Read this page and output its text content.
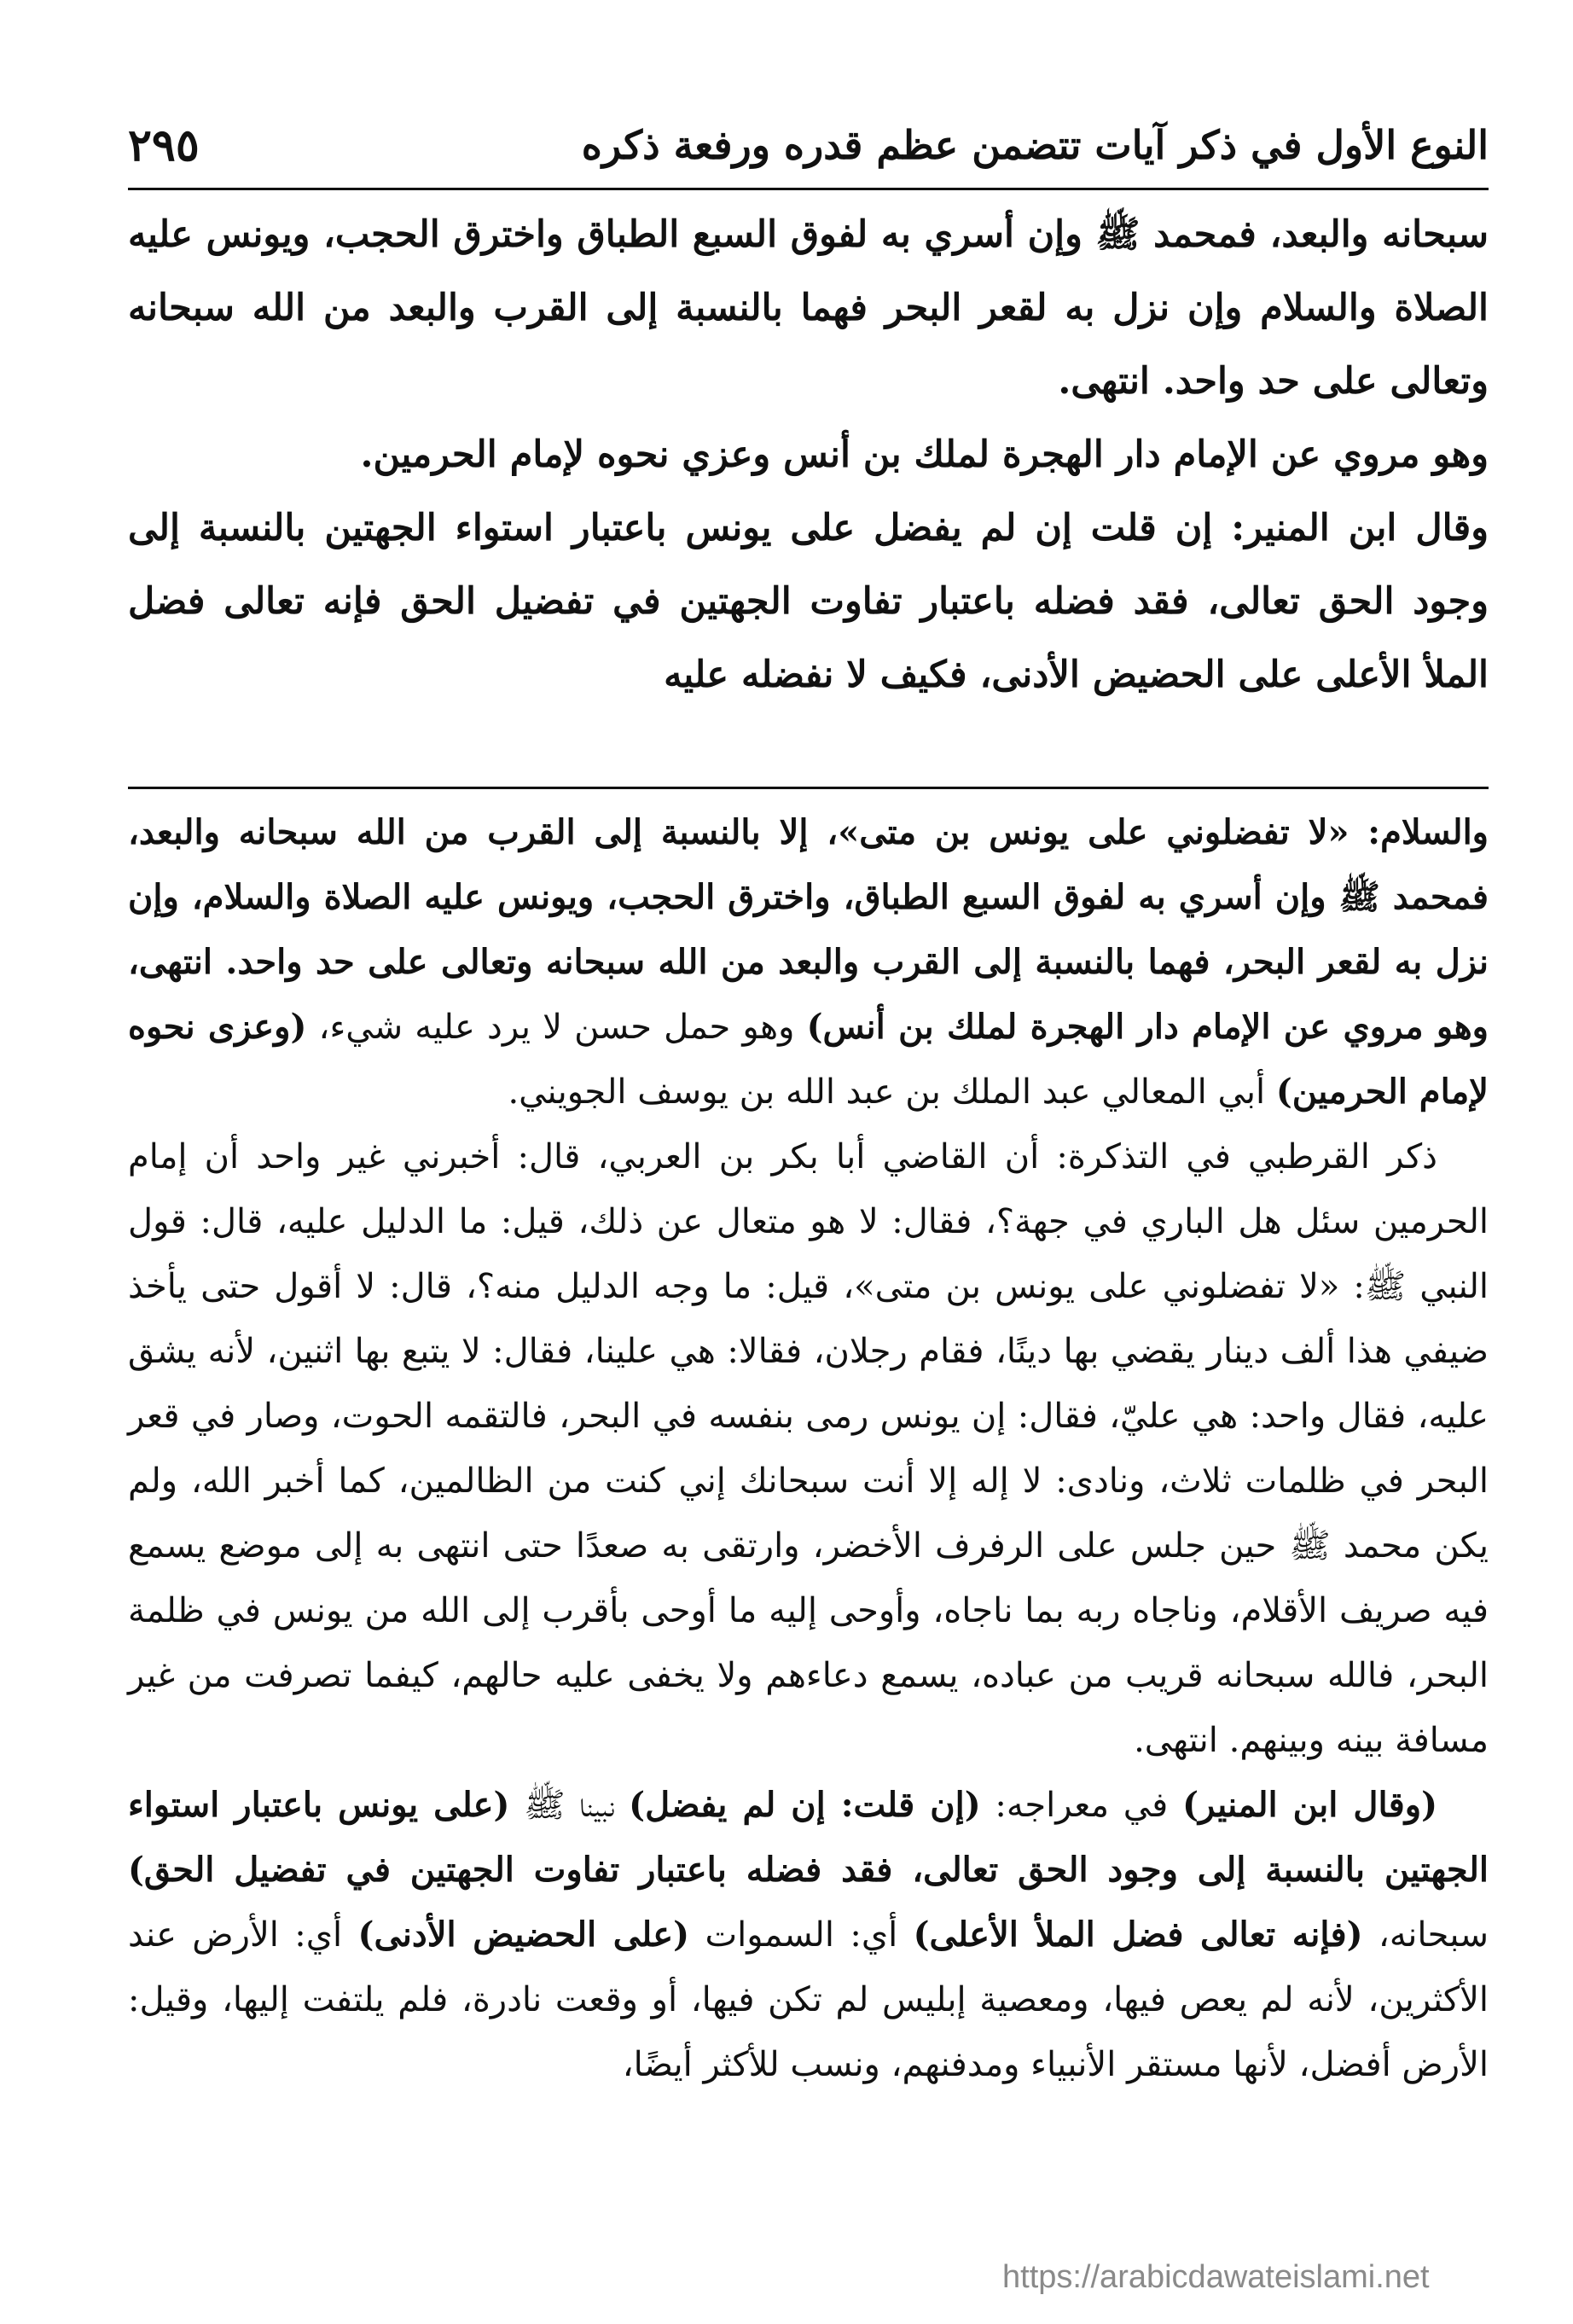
النوع الأول في ذكر آيات تتضمن عظم قدره ورفعة ذكره
٢٩٥

سبحانه والبعد، فمحمد ﷺ وإن أسري به لفوق السبع الطباق واخترق الحجب، ويونس عليه الصلاة والسلام وإن نزل به لقعر البحر فهما بالنسبة إلى القرب والبعد من الله سبحانه وتعالى على حد واحد. انتهى.

وهو مروي عن الإمام دار الهجرة لملك بن أنس وعزي نحوه لإمام الحرمين.

وقال ابن المنير: إن قلت إن لم يفضل على يونس باعتبار استواء الجهتين بالنسبة إلى وجود الحق تعالى، فقد فضله باعتبار تفاوت الجهتين في تفضيل الحق فإنه تعالى فضل الملأ الأعلى على الحضيض الأدنى، فكيف لا نفضله عليه

والسلام: «لا تفضلوني على يونس بن متى»، إلا بالنسبة إلى القرب من الله سبحانه والبعد، فمحمد ﷺ وإن أسري به لفوق السبع الطباق، واخترق الحجب، ويونس عليه الصلاة والسلام، وإن نزل به لقعر البحر، فهما بالنسبة إلى القرب والبعد من الله سبحانه وتعالى على حد واحد. انتهى، وهو مروي عن الإمام دار الهجرة لملك بن أنس) وهو حمل حسن لا يرد عليه شيء، (وعزى نحوه لإمام الحرمين) أبي المعالي عبد الملك بن عبد الله بن يوسف الجويني.

ذكر القرطبي في التذكرة: أن القاضي أبا بكر بن العربي، قال: أخبرني غير واحد أن إمام الحرمين سئل هل الباري في جهة؟، فقال: لا هو متعال عن ذلك، قيل: ما الدليل عليه، قال: قول النبي ﷺ: «لا تفضلوني على يونس بن متى»، قيل: ما وجه الدليل منه؟، قال: لا أقول حتى يأخذ ضيفي هذا ألف دينار يقضي بها دينًا، فقام رجلان، فقالا: هي علينا، فقال: لا يتبع بها اثنين، لأنه يشق عليه، فقال واحد: هي عليّ، فقال: إن يونس رمى بنفسه في البحر، فالتقمه الحوت، وصار في قعر البحر في ظلمات ثلاث، ونادى: لا إله إلا أنت سبحانك إني كنت من الظالمين، كما أخبر الله، ولم يكن محمد ﷺ حين جلس على الرفرف الأخضر، وارتقى به صعدًا حتى انتهى به إلى موضع يسمع فيه صريف الأقلام، وناجاه ربه بما ناجاه، وأوحى إليه ما أوحى بأقرب إلى الله من يونس في ظلمة البحر، فالله سبحانه قريب من عباده، يسمع دعاءهم ولا يخفى عليه حالهم، كيفما تصرفت من غير مسافة بينه وبينهم. انتهى.

(وقال ابن المنير) في معراجه: (إن قلت: إن لم يفضل) نبينا ﷺ (على يونس باعتبار استواء الجهتين بالنسبة إلى وجود الحق تعالى، فقد فضله باعتبار تفاوت الجهتين في تفضيل الحق) سبحانه، (فإنه تعالى فضل الملأ الأعلى) أي: السموات (على الحضيض الأدنى) أي: الأرض عند الأكثرين، لأنه لم يعص فيها، ومعصية إبليس لم تكن فيها، أو وقعت نادرة، فلم يلتفت إليها، وقيل: الأرض أفضل، لأنها مستقر الأنبياء ومدفنهم، ونسب للأكثر أيضًا،

https://arabicdawateislami.net
